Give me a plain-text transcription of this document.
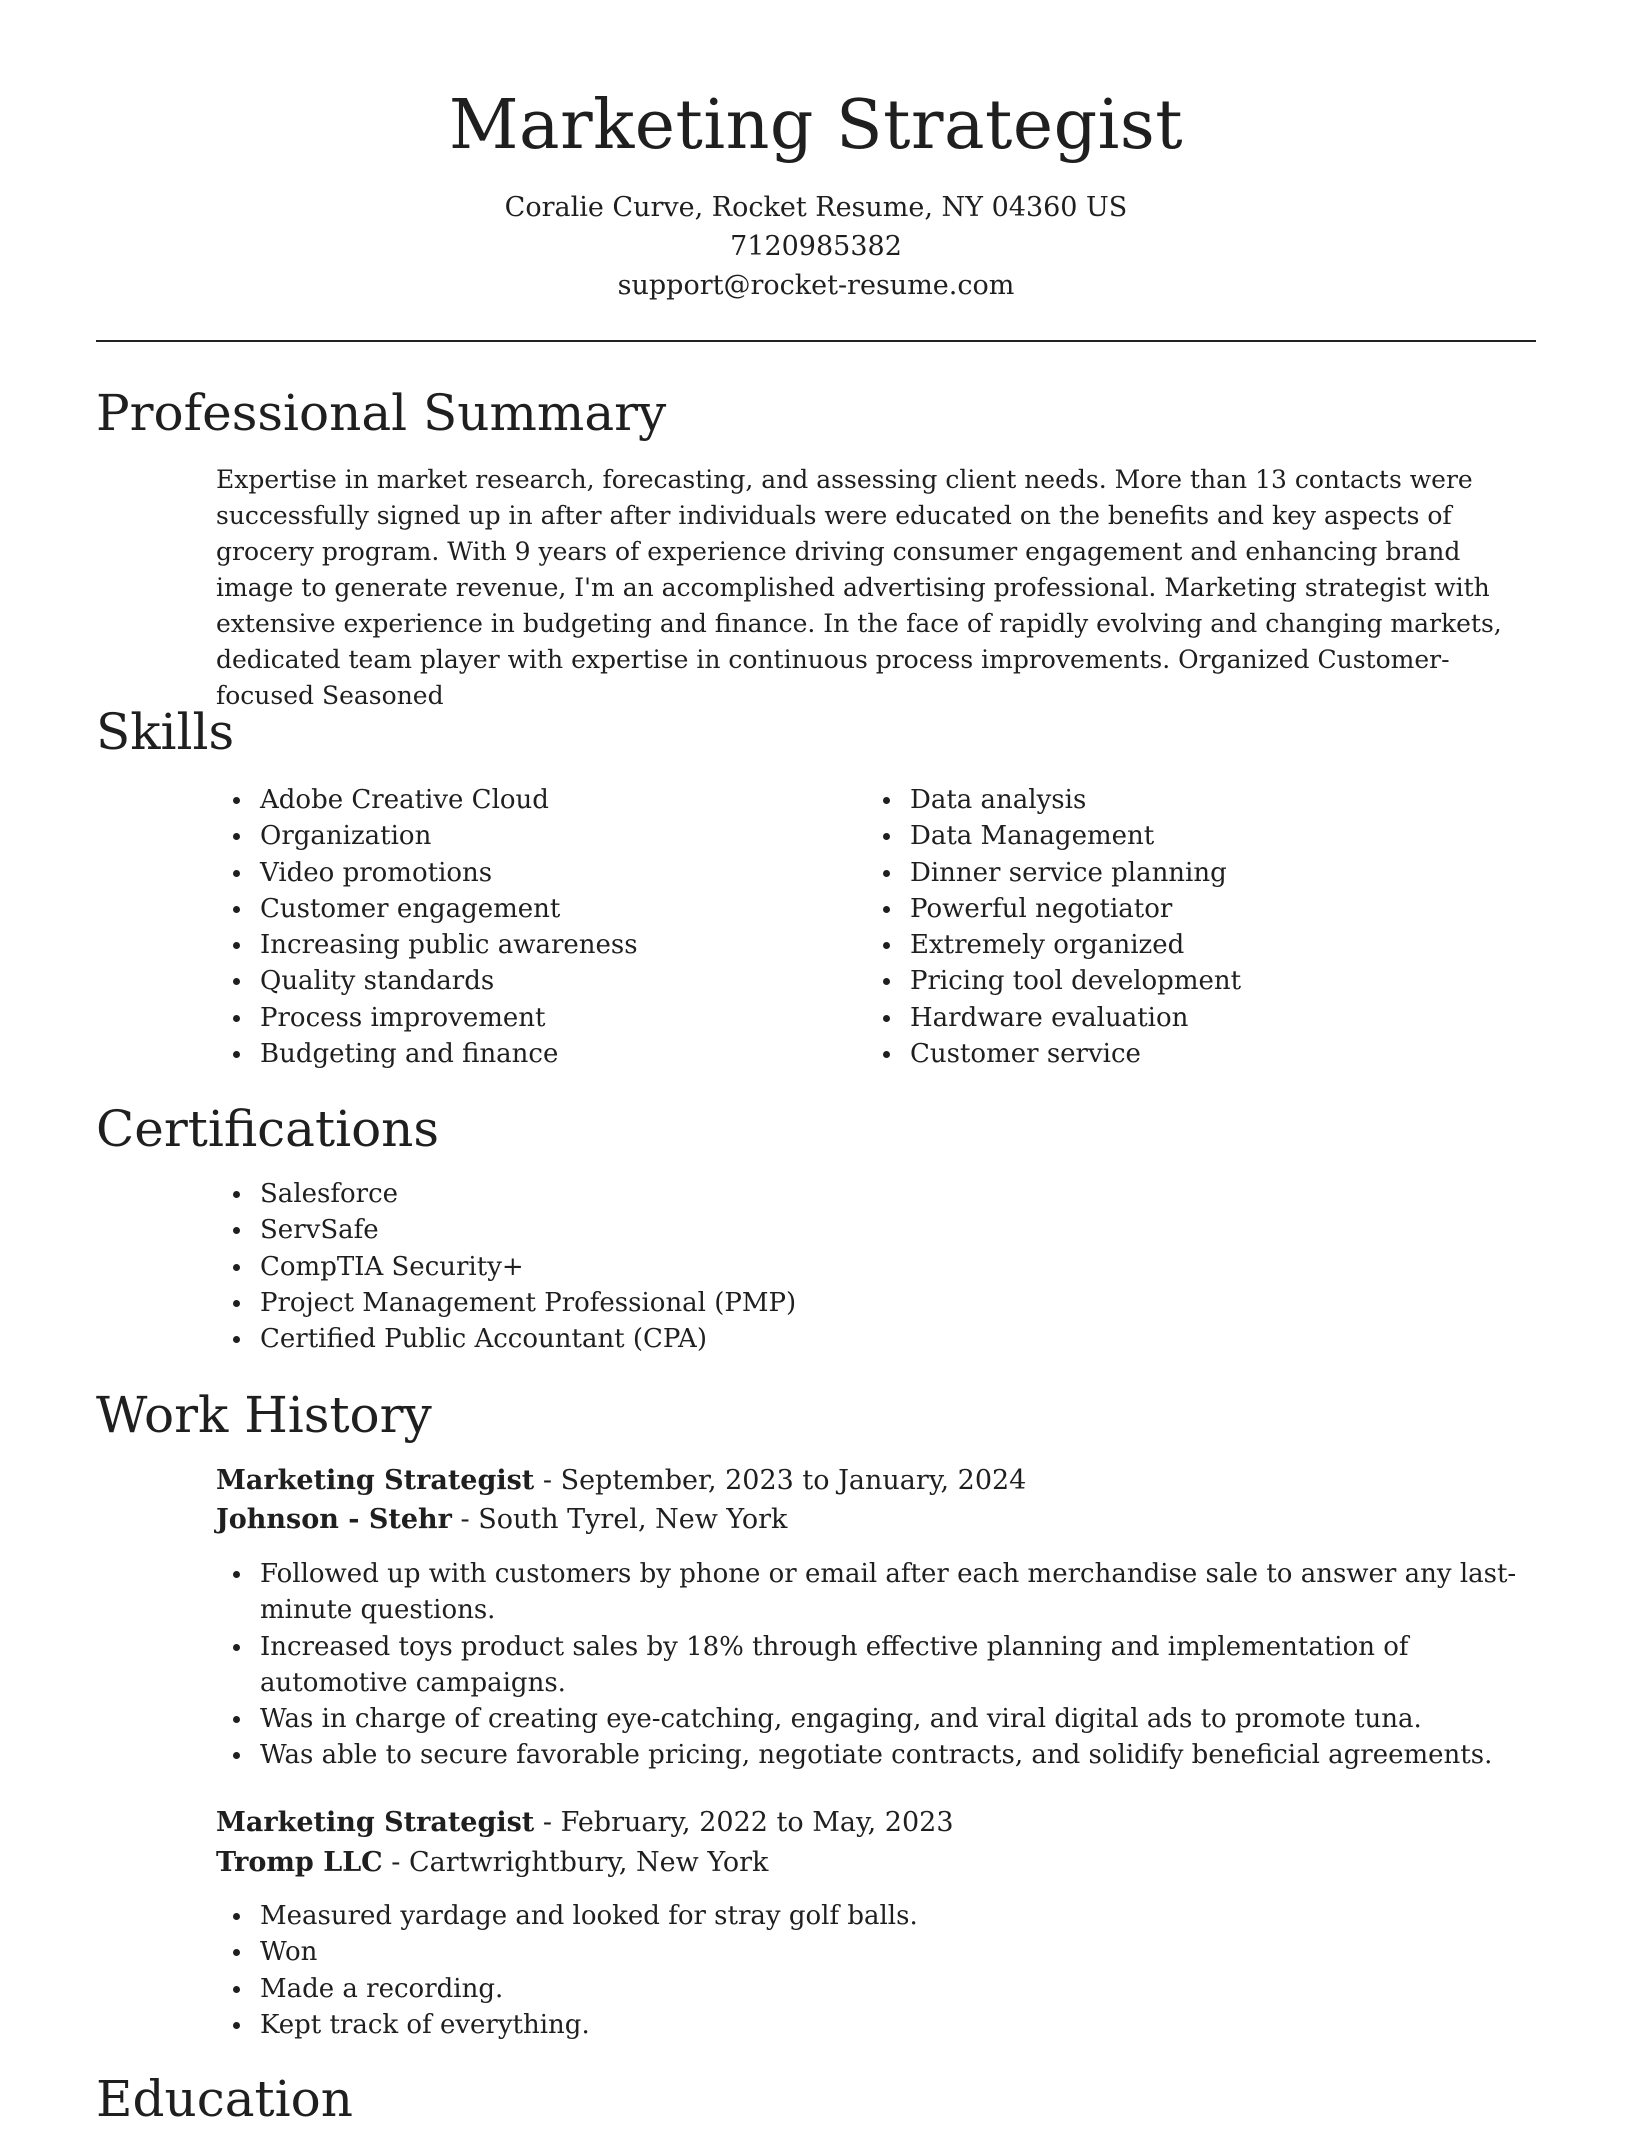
Marketing Strategist

Coralie Curve, Rocket Resume, NY 04360 US

7120985382

support@rocket-resume.com

Professional Summary

Expertise in market research, forecasting, and assessing client needs. More than 13 contacts were successfully signed up in after after individuals were educated on the benefits and key aspects of grocery program. With 9 years of experience driving consumer engagement and enhancing brand image to generate revenue, I'm an accomplished advertising professional. Marketing strategist with extensive experience in budgeting and finance. In the face of rapidly evolving and changing markets, dedicated team player with expertise in continuous process improvements. Organized Customer-focused Seasoned

Skills
Adobe Creative Cloud
Organization
Video promotions
Customer engagement
Increasing public awareness
Quality standards
Process improvement
Budgeting and finance
Data analysis
Data Management
Dinner service planning
Powerful negotiator
Extremely organized
Pricing tool development
Hardware evaluation
Customer service
Certifications
Salesforce
ServSafe
CompTIA Security+
Project Management Professional (PMP)
Certified Public Accountant (CPA)
Work History

Marketing Strategist - September, 2023 to January, 2024

Johnson - Stehr - South Tyrel, New York

Followed up with customers by phone or email after each merchandise sale to answer any last-minute questions.
Increased toys product sales by 18% through effective planning and implementation of automotive campaigns.
Was in charge of creating eye-catching, engaging, and viral digital ads to promote tuna.
Was able to secure favorable pricing, negotiate contracts, and solidify beneficial agreements.

Marketing Strategist - February, 2022 to May, 2023

Tromp LLC - Cartwrightbury, New York

Measured yardage and looked for stray golf balls.
Won
Made a recording.
Kept track of everything.
Education
